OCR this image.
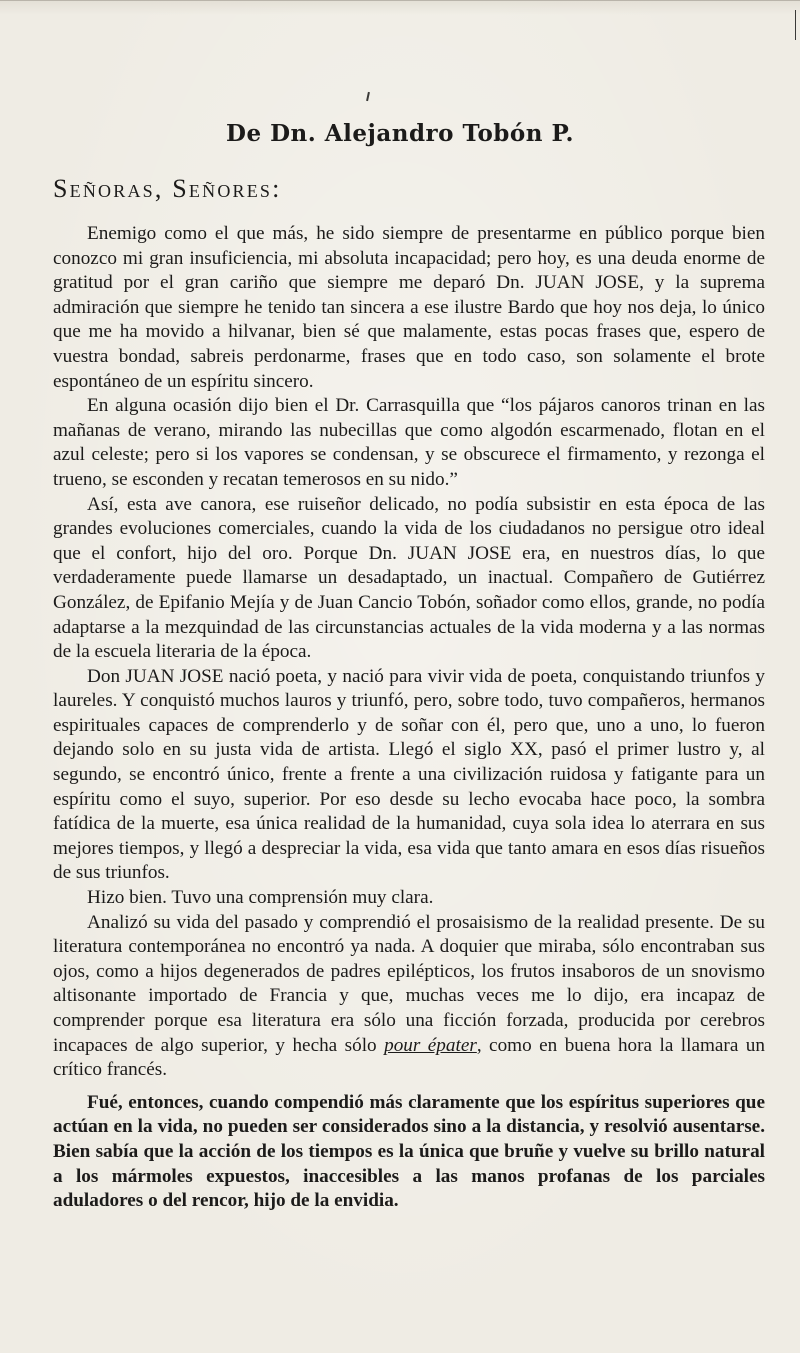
De Dn. Alejandro Tobón P.
Señoras, Señores:

Enemigo como el que más, he sido siempre de presentarme en público porque bien conozco mi gran insuficiencia, mi absoluta incapacidad; pero hoy, es una deuda enorme de gratitud por el gran cariño que siempre me deparó Dn. JUAN JOSE, y la suprema admiración que siempre he tenido tan sincera a ese ilustre Bardo que hoy nos deja, lo único que me ha movido a hilvanar, bien sé que malamente, estas pocas frases que, espero de vuestra bondad, sabreis perdonarme, frases que en todo caso, son solamente el brote espontáneo de un espíritu sincero.

En alguna ocasión dijo bien el Dr. Carrasquilla que “los pájaros canoros trinan en las mañanas de verano, mirando las nubecillas que como algodón escarmenado, flotan en el azul celeste; pero si los vapores se condensan, y se obscurece el firmamento, y rezonga el trueno, se esconden y recatan temerosos en su nido.”

Así, esta ave canora, ese ruiseñor delicado, no podía subsistir en esta época de las grandes evoluciones comerciales, cuando la vida de los ciudadanos no persigue otro ideal que el confort, hijo del oro. Porque Dn. JUAN JOSE era, en nuestros días, lo que verdaderamente puede llamarse un desadaptado, un inactual. Compañero de Gutiérrez González, de Epifanio Mejía y de Juan Cancio Tobón, soñador como ellos, grande, no podía adaptarse a la mezquindad de las circunstancias actuales de la vida moderna y a las normas de la escuela literaria de la época.

Don JUAN JOSE nació poeta, y nació para vivir vida de poeta, conquistando triunfos y laureles. Y conquistó muchos lauros y triunfó, pero, sobre todo, tuvo compañeros, hermanos espirituales capaces de comprenderlo y de soñar con él, pero que, uno a uno, lo fueron dejando solo en su justa vida de artista. Llegó el siglo XX, pasó el primer lustro y, al segundo, se encontró único, frente a frente a una civilización ruidosa y fatigante para un espíritu como el suyo, superior. Por eso desde su lecho evocaba hace poco, la sombra fatídica de la muerte, esa única realidad de la humanidad, cuya sola idea lo aterrara en sus mejores tiempos, y llegó a despreciar la vida, esa vida que tanto amara en esos días risueños de sus triunfos.

Hizo bien. Tuvo una comprensión muy clara.

Analizó su vida del pasado y comprendió el prosaisismo de la realidad presente. De su literatura contemporánea no encontró ya nada. A doquier que miraba, sólo encontraban sus ojos, como a hijos degenerados de padres epilépticos, los frutos insaboros de un snovismo altisonante importado de Francia y que, muchas veces me lo dijo, era incapaz de comprender porque esa literatura era sólo una ficción forzada, producida por cerebros incapaces de algo superior, y hecha sólo pour épater, como en buena hora la llamara un crítico francés.

Fué, entonces, cuando compendió más claramente que los espíritus superiores que actúan en la vida, no pueden ser considerados sino a la distancia, y resolvió ausentarse. Bien sabía que la acción de los tiempos es la única que bruñe y vuelve su brillo natural a los mármoles expuestos, inaccesibles a las manos profanas de los parciales aduladores o del rencor, hijo de la envidia.
